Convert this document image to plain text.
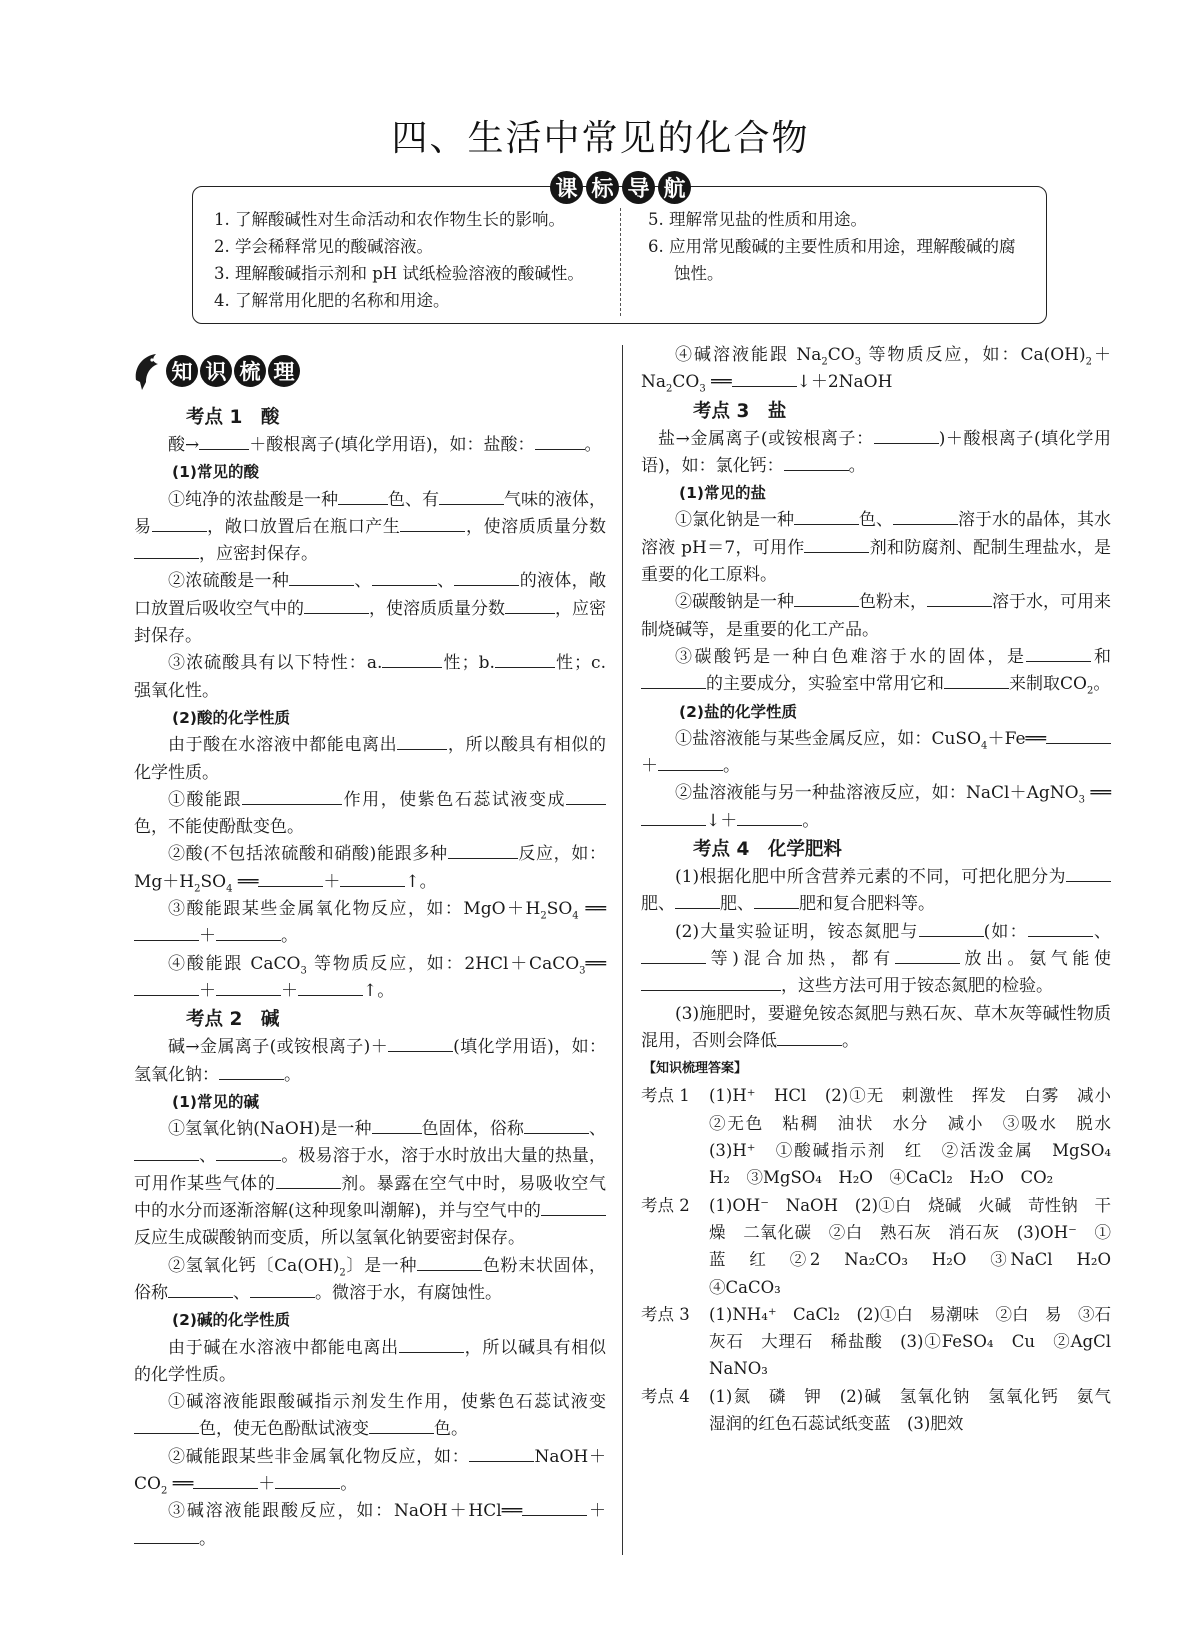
四、生活中常见的化合物
课 标 导 航
1. 了解酸碱性对生命活动和农作物生长的影响。
2. 学会稀释常见的酸碱溶液。
3. 理解酸碱指示剂和 pH 试纸检验溶液的酸碱性。
4. 了解常用化肥的名称和用途。
5. 理解常见盐的性质和用途。
6. 应用常见酸碱的主要性质和用途，理解酸碱的腐
蚀性。
知 识 梳 理

考点 1　酸

酸→	＋酸根离子(填化学用语)，如：盐酸：	。

(1)常见的酸

①纯净的浓盐酸是一种	色、有	气味的液体，易	，敞口放置后在瓶口产生	，使溶质质量分数，应密封保存。

②浓硫酸是一种	、	、	的液体，敞口放置后吸收空气中的	，使溶质质量分数	，应密封保存。

③浓硫酸具有以下特性：a.	性；b.	性；c.强氧化性。

(2)酸的化学性质

由于酸在水溶液中都能电离出	，所以酸具有相似的化学性质。

①酸能跟	作用，使紫色石蕊试液变成色，不能使酚酞变色。

②酸(不包括浓硫酸和硝酸)能跟多种	反应，如：$Mg+H_2SO_4$ ══	＋	↑。

③酸能跟某些金属氧化物反应，如：$MgO+H_2SO_4$ ══＋	。

④酸能跟 CaCO$_3$ 等物质反应，如：2HCl＋CaCO$_3$══＋	＋	↑。

考点 2　碱

碱→金属离子(或铵根离子)＋	(填化学用语)，如：氢氧化钠：	。

(1)常见的碱

①氢氧化钠(NaOH)是一种	色固体，俗称	、、	。极易溶于水，溶于水时放出大量的热量，可用作某些气体的	剂。暴露在空气中时，易吸收空气中的水分而逐渐溶解(这种现象叫潮解)，并与空气中的反应生成碳酸钠而变质，所以氢氧化钠要密封保存。

②氢氧化钙〔$Ca(OH)_2$〕是一种	色粉末状固体，俗称	、	。微溶于水，有腐蚀性。

(2)碱的化学性质

由于碱在水溶液中都能电离出	，所以碱具有相似的化学性质。

①碱溶液能跟酸碱指示剂发生作用，使紫色石蕊试液变色，使无色酚酞试液变	色。

②碱能跟某些非金属氧化物反应，如：	$NaOH+CO_2$ ══	＋	。

③碱溶液能跟酸反应，如：NaOH＋HCl══	＋。

④碱溶液能跟 $Na_2CO_3$ 等物质反应，如：$Ca(OH)_2+Na_2CO_3$ ══	↓＋2NaOH

考点 3　盐

盐→金属离子(或铵根离子：	)＋酸根离子(填化学用语)，如：氯化钙：	。

(1)常见的盐

①氯化钠是一种	色、	溶于水的晶体，其水溶液 pH＝7，可用作	剂和防腐剂、配制生理盐水，是重要的化工原料。

②碳酸钠是一种	色粉末，	溶于水，可用来制烧碱等，是重要的化工产品。

③碳酸钙是一种白色难溶于水的固体，是	和的主要成分，实验室中常用它和	来制取$CO_2$。

(2)盐的化学性质

①盐溶液能与某些金属反应，如：CuSO$_4$＋Fe══＋	。

②盐溶液能与另一种盐溶液反应，如：NaCl＋AgNO$_3$ ══↓＋	。

考点 4　化学肥料

(1)根据化肥中所含营养元素的不同，可把化肥分为肥、	肥、	肥和复合肥料等。

(2)大量实验证明，铵态氮肥与	(如：	、等)混合加热，都有	放出。氨气能使，这些方法可用于铵态氮肥的检验。

(3)施肥时，要避免铵态氮肥与熟石灰、草木灰等碱性物质混用，否则会降低	。

【知识梳理答案】

考点 1	(1)H⁺　HCl　(2)①无　刺激性　挥发　白雾　减小　②无色　粘稠　油状　水分　减小　③吸水　脱水　(3)H⁺　①酸碱指示剂　红　②活泼金属　MgSO₄　H₂　③MgSO₄　H₂O　④CaCl₂　H₂O　CO₂
考点 2	(1)OH⁻　NaOH　(2)①白　烧碱　火碱　苛性钠　干燥　二氧化碳　②白　熟石灰　消石灰　(3)OH⁻　①蓝　红　②2　Na₂CO₃　H₂O　③NaCl　H₂O　④CaCO₃
考点 3	(1)NH₄⁺　CaCl₂　(2)①白　易潮味　②白　易　③石灰石　大理石　稀盐酸　(3)①FeSO₄　Cu　②AgCl　NaNO₃
考点 4	(1)氮　磷　钾　(2)碱　氢氧化钠　氢氧化钙　氨气　湿润的红色石蕊试纸变蓝　(3)肥效
